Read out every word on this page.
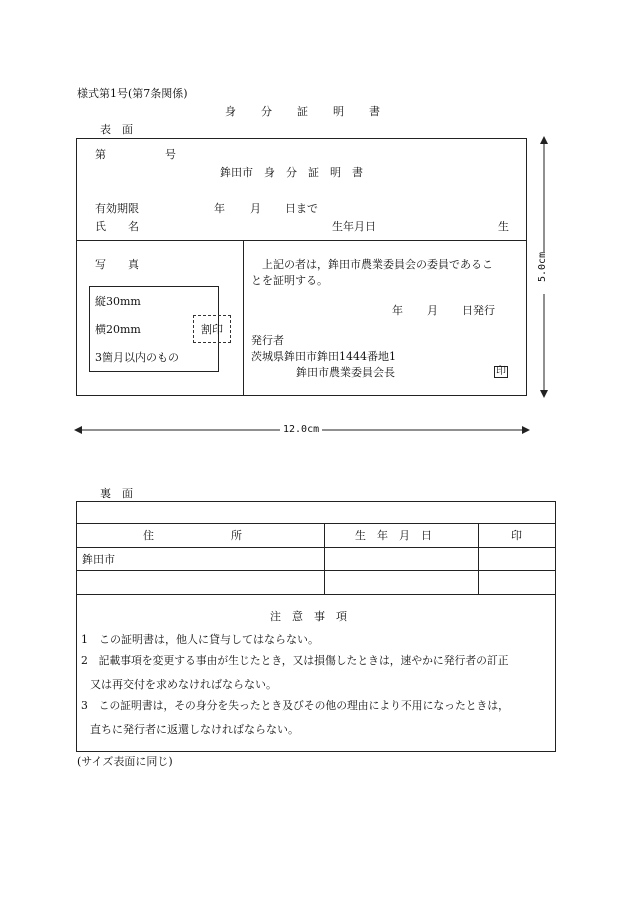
様式第1号(第7条関係)
身　　分　　証　　明　　書
表　面
第	号
鉾田市　身　分　証　明　書
有効期限	年 月 日まで
氏　　名	生年月日	生
写　　真
縦30mm
横20mm
3箇月以内のもの
割印
上記の者は，鉾田市農業委員会の委員であるこ
とを証明する。
年 月 日発行
発行者
茨城県鉾田市鉾田1444番地1
鉾田市農業委員会長	印
5.0cm
12.0cm
裏　面
住　　　　　　　所	生　年　月　日	印
鉾田市
注　意　事　項
1　この証明書は，他人に貸与してはならない。
2　記載事項を変更する事由が生じたとき，又は損傷したときは，速やかに発行者の訂正
又は再交付を求めなければならない。
3　この証明書は，その身分を失ったとき及びその他の理由により不用になったときは，
直ちに発行者に返還しなければならない。
(サイズ表面に同じ)
